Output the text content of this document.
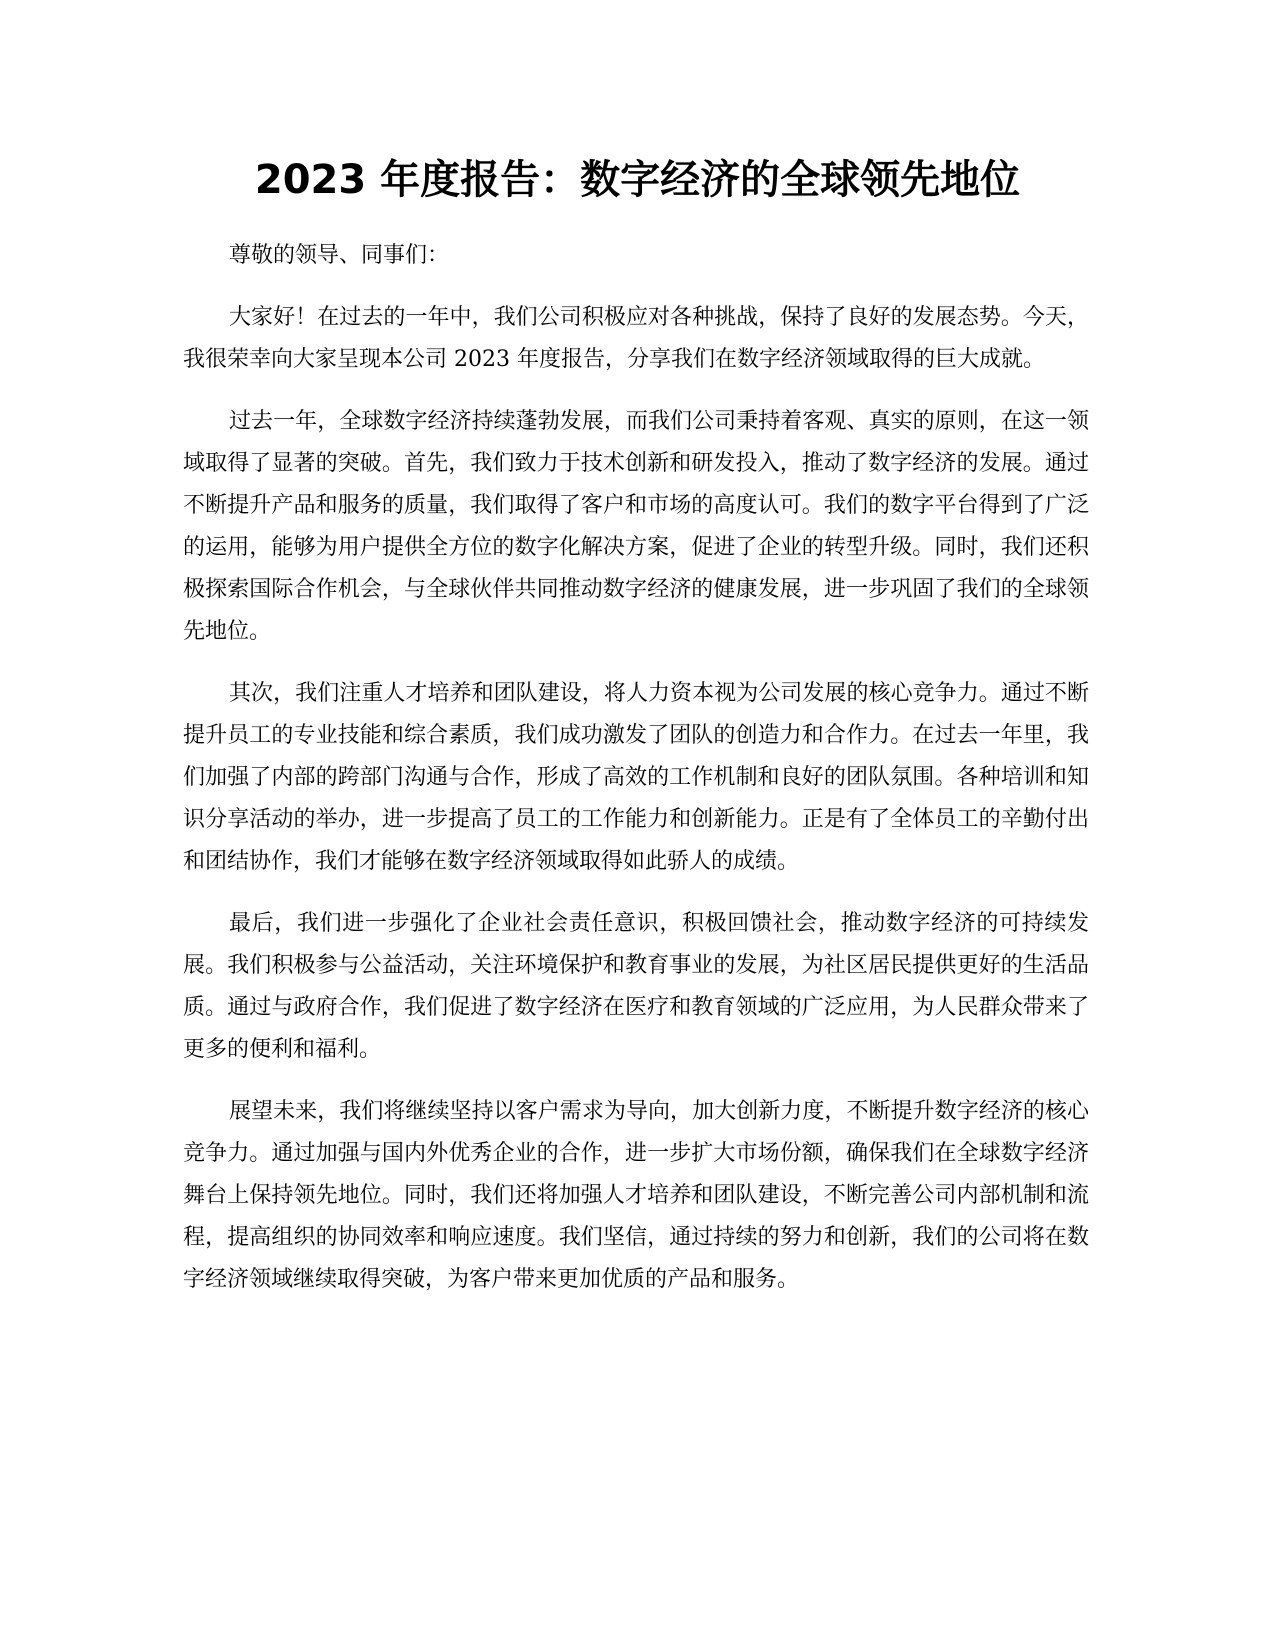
2023 年度报告：数字经济的全球领先地位

尊敬的领导、同事们：

大家好！在过去的一年中，我们公司积极应对各种挑战，保持了良好的发展态势。今天，我很荣幸向大家呈现本公司 2023 年度报告，分享我们在数字经济领域取得的巨大成就。

过去一年，全球数字经济持续蓬勃发展，而我们公司秉持着客观、真实的原则，在这一领域取得了显著的突破。首先，我们致力于技术创新和研发投入，推动了数字经济的发展。通过不断提升产品和服务的质量，我们取得了客户和市场的高度认可。我们的数字平台得到了广泛的运用，能够为用户提供全方位的数字化解决方案，促进了企业的转型升级。同时，我们还积极探索国际合作机会，与全球伙伴共同推动数字经济的健康发展，进一步巩固了我们的全球领先地位。

其次，我们注重人才培养和团队建设，将人力资本视为公司发展的核心竞争力。通过不断提升员工的专业技能和综合素质，我们成功激发了团队的创造力和合作力。在过去一年里，我们加强了内部的跨部门沟通与合作，形成了高效的工作机制和良好的团队氛围。各种培训和知识分享活动的举办，进一步提高了员工的工作能力和创新能力。正是有了全体员工的辛勤付出和团结协作，我们才能够在数字经济领域取得如此骄人的成绩。

最后，我们进一步强化了企业社会责任意识，积极回馈社会，推动数字经济的可持续发展。我们积极参与公益活动，关注环境保护和教育事业的发展，为社区居民提供更好的生活品质。通过与政府合作，我们促进了数字经济在医疗和教育领域的广泛应用，为人民群众带来了更多的便利和福利。

展望未来，我们将继续坚持以客户需求为导向，加大创新力度，不断提升数字经济的核心竞争力。通过加强与国内外优秀企业的合作，进一步扩大市场份额，确保我们在全球数字经济舞台上保持领先地位。同时，我们还将加强人才培养和团队建设，不断完善公司内部机制和流程，提高组织的协同效率和响应速度。我们坚信，通过持续的努力和创新，我们的公司将在数字经济领域继续取得突破，为客户带来更加优质的产品和服务。
